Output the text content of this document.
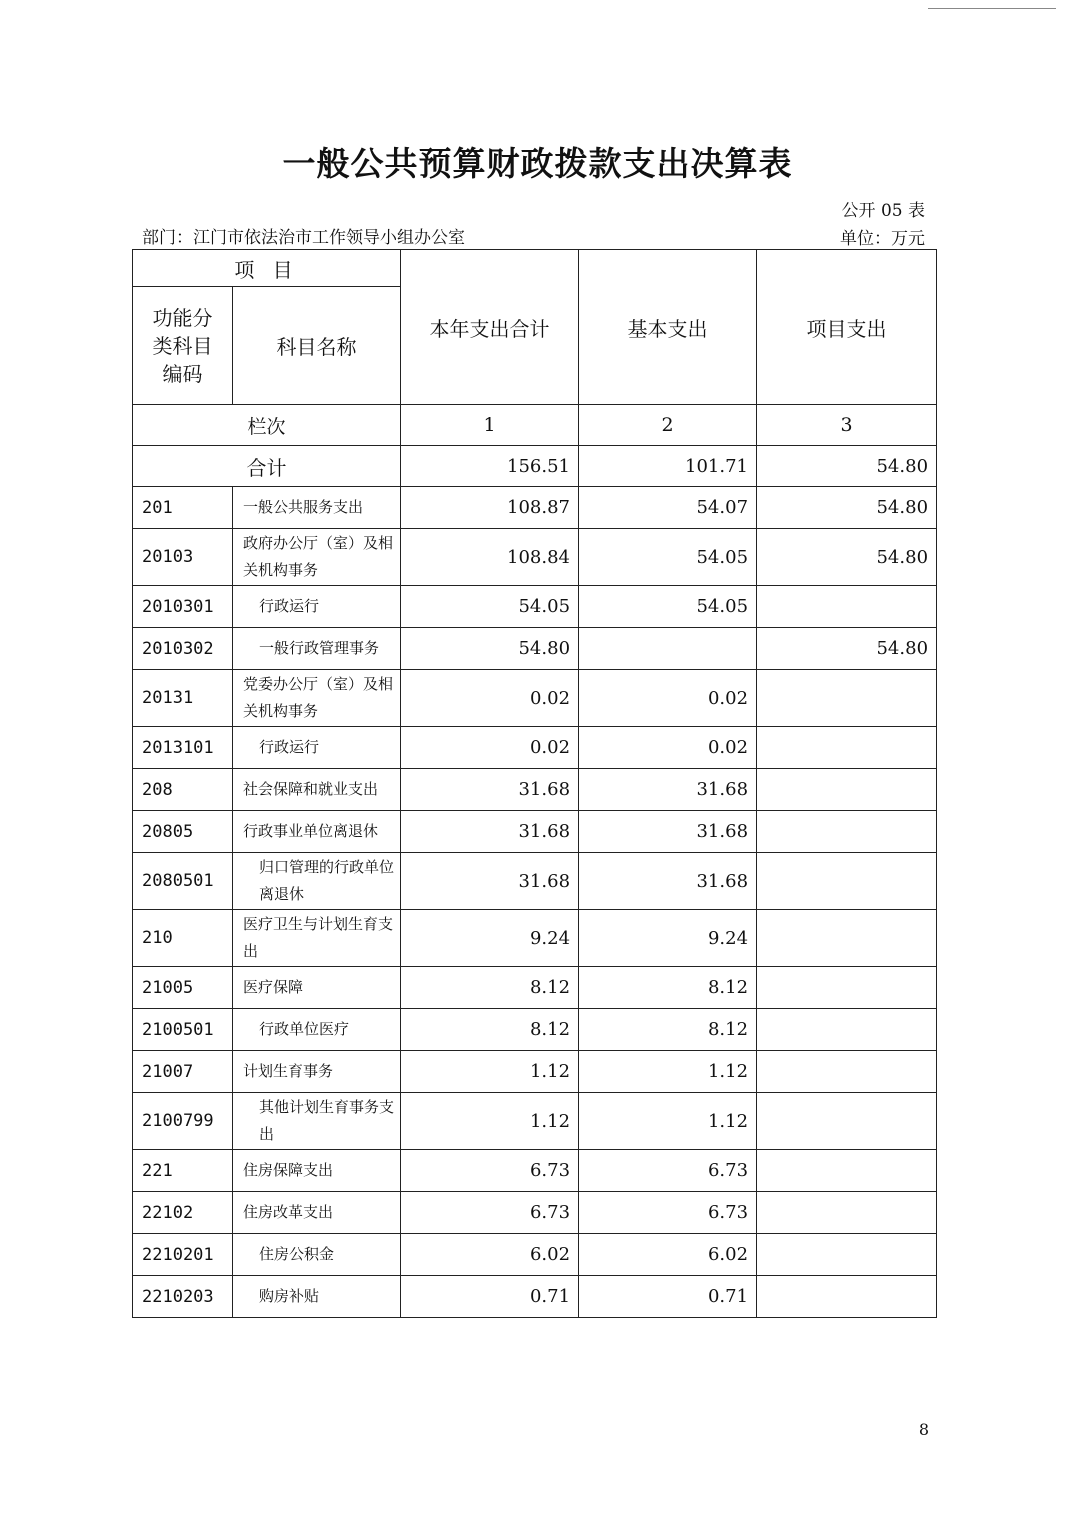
一般公共预算财政拨款支出决算表
公开 05 表
部门：江门市依法治市工作领导小组办公室	单位：万元
项 目		本年支出合计	基本支出	项目支出

功能分类科目编码	科目名称			
栏次		1	2	3
合计		156.51	101.71	54.80
201	一般公共服务支出	108.87	54.07	54.80
20103	政府办公厅（室）及相关机构事务	108.84	54.05	54.80
2010301	行政运行	54.05	54.05	
2010302	一般行政管理事务	54.80		54.80
20131	党委办公厅（室）及相关机构事务	0.02	0.02	
2013101	行政运行	0.02	0.02	
208	社会保障和就业支出	31.68	31.68	
20805	行政事业单位离退休	31.68	31.68	
2080501	归口管理的行政单位离退休	31.68	31.68	
210	医疗卫生与计划生育支出	9.24	9.24	
21005	医疗保障	8.12	8.12	
2100501	行政单位医疗	8.12	8.12	
21007	计划生育事务	1.12	1.12	
2100799	其他计划生育事务支出	1.12	1.12	
221	住房保障支出	6.73	6.73	
22102	住房改革支出	6.73	6.73	
2210201	住房公积金	6.02	6.02	
2210203	购房补贴	0.71	0.71	
8
